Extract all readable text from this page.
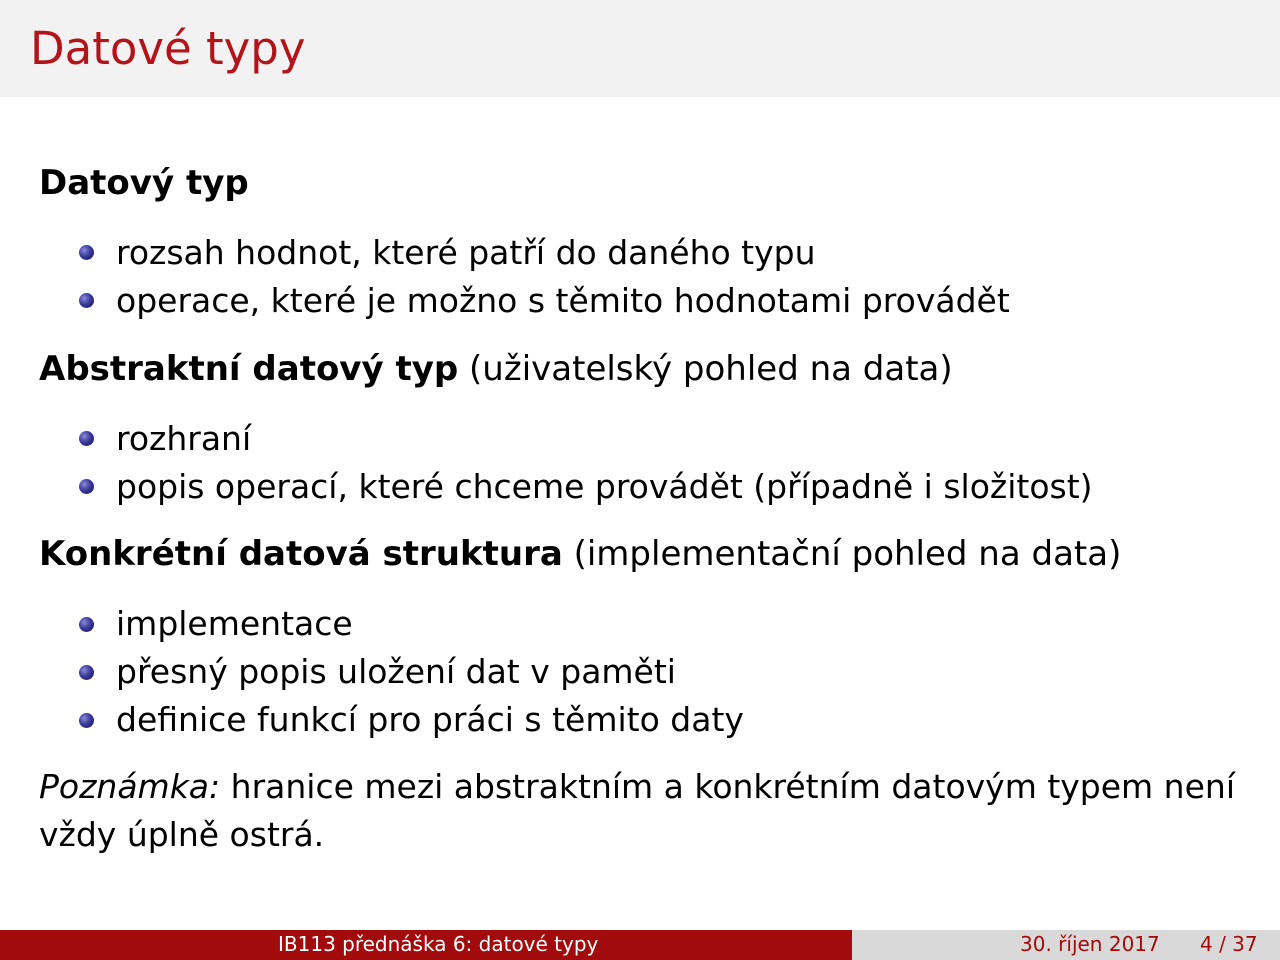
Datové typy
Datový typ
rozsah hodnot, které patří do daného typu
operace, které je možno s těmito hodnotami provádět
Abstraktní datový typ (uživatelský pohled na data)
rozhraní
popis operací, které chceme provádět (případně i složitost)
Konkrétní datová struktura (implementační pohled na data)
implementace
přesný popis uložení dat v paměti
definice funkcí pro práci s těmito daty
Poznámka: hranice mezi abstraktním a konkrétním datovým typem není vždy úplně ostrá.
IB113 přednáška 6: datové typy	30. říjen 2017 4 / 37
